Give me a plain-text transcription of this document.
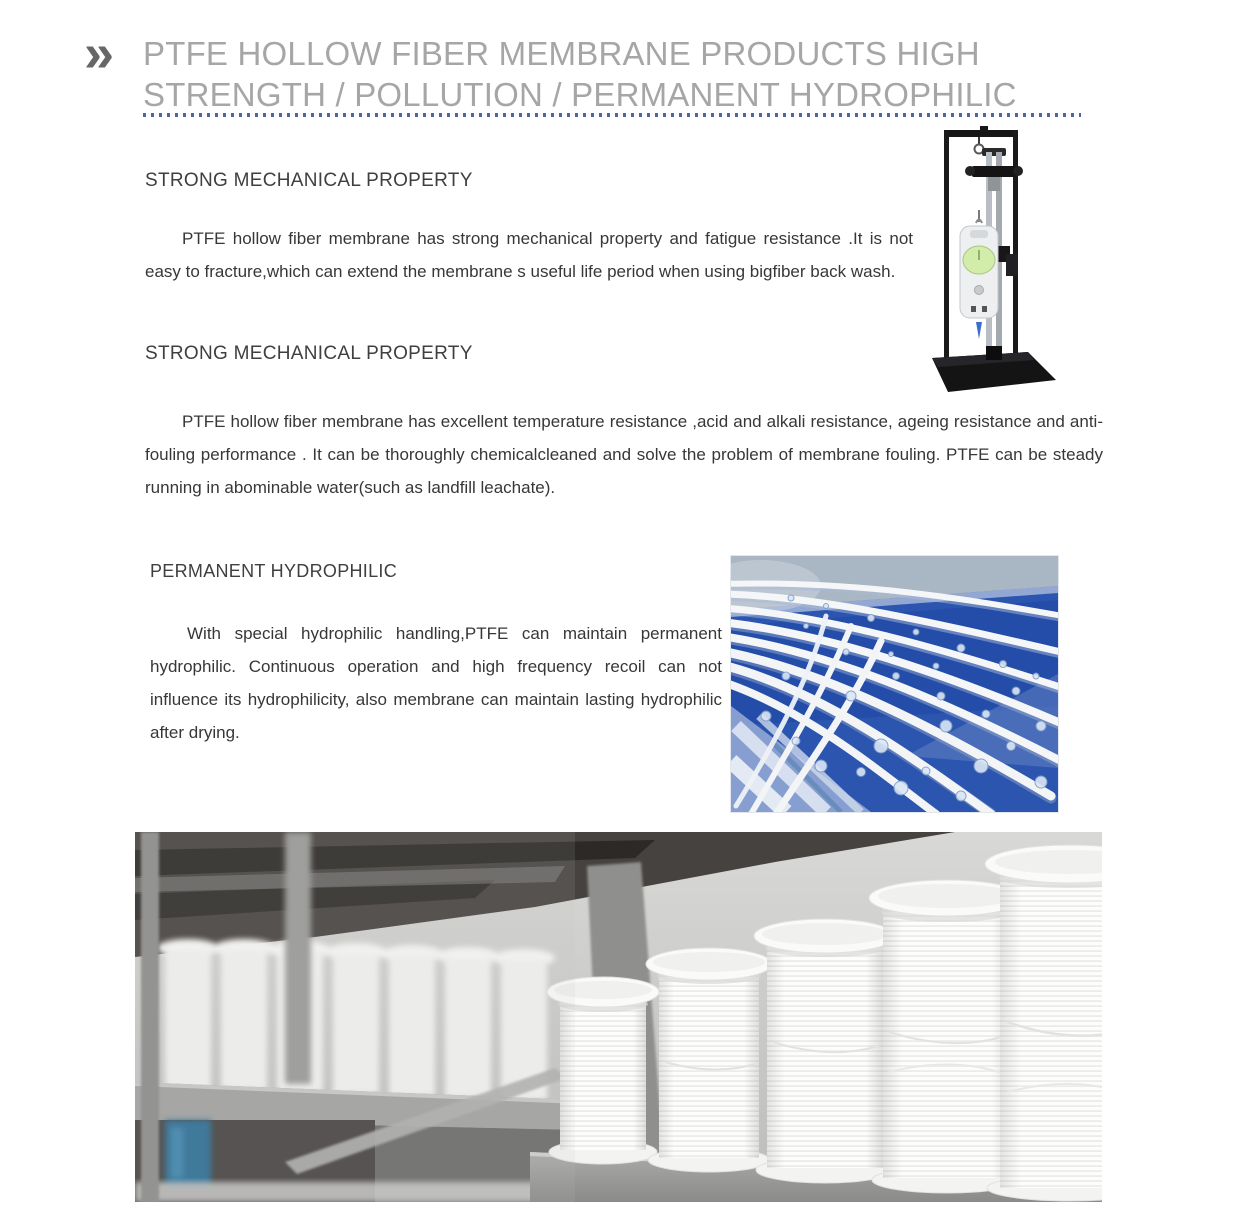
» PTFE HOLLOW FIBER MEMBRANE PRODUCTS HIGH
STRENGTH / POLLUTION / PERMANENT HYDROPHILIC
STRONG MECHANICAL PROPERTY

PTFE hollow fiber membrane has strong mechanical property and fatigue resistance .It is not easy to fracture,which can extend the membrane s useful life period when using bigfiber back wash.

STRONG MECHANICAL PROPERTY

PTFE hollow fiber membrane has excellent temperature resistance ,acid and alkali resistance, ageing resistance and anti-fouling performance . It can be thoroughly chemicalcleaned and solve the problem of membrane fouling. PTFE can be steady running in abominable water(such as landfill leachate).

PERMANENT HYDROPHILIC

With special hydrophilic handling,PTFE can maintain permanent hydrophilic. Continuous operation and high frequency recoil can not influence its hydrophilicity, also membrane can maintain lasting hydrophilic after drying.
